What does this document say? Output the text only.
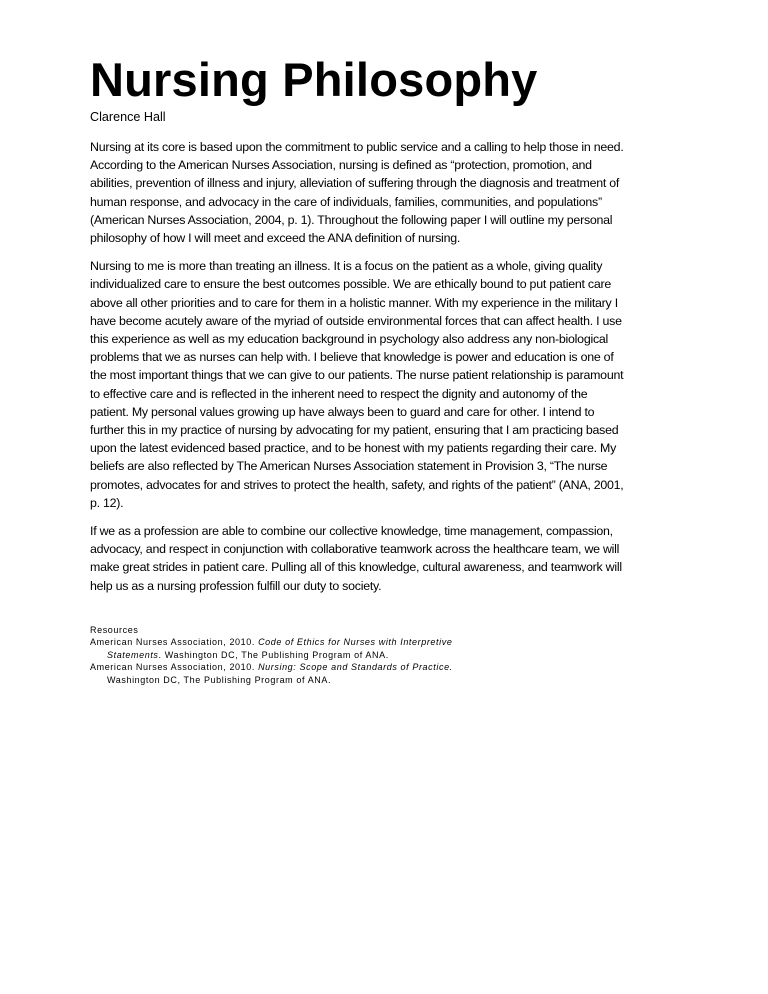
Nursing Philosophy
Clarence Hall

Nursing at its core is based upon the commitment to public service and a calling to help those in need.
According to the American Nurses Association, nursing is defined as “protection, promotion, and
abilities, prevention of illness and injury, alleviation of suffering through the diagnosis and treatment of
human response, and advocacy in the care of individuals, families, communities, and populations”
(American Nurses Association, 2004, p. 1). Throughout the following paper I will outline my personal
philosophy of how I will meet and exceed the ANA definition of nursing.

Nursing to me is more than treating an illness. It is a focus on the patient as a whole, giving quality
individualized care to ensure the best outcomes possible. We are ethically bound to put patient care
above all other priorities and to care for them in a holistic manner. With my experience in the military I
have become acutely aware of the myriad of outside environmental forces that can affect health. I use
this experience as well as my education background in psychology also address any non-biological
problems that we as nurses can help with. I believe that knowledge is power and education is one of
the most important things that we can give to our patients. The nurse patient relationship is paramount
to effective care and is reflected in the inherent need to respect the dignity and autonomy of the
patient. My personal values growing up have always been to guard and care for other. I intend to
further this in my practice of nursing by advocating for my patient, ensuring that I am practicing based
upon the latest evidenced based practice, and to be honest with my patients regarding their care. My
beliefs are also reflected by The American Nurses Association statement in Provision 3, “The nurse
promotes, advocates for and strives to protect the health, safety, and rights of the patient” (ANA, 2001,
p. 12).

If we as a profession are able to combine our collective knowledge, time management, compassion,
advocacy, and respect in conjunction with collaborative teamwork across the healthcare team, we will
make great strides in patient care. Pulling all of this knowledge, cultural awareness, and teamwork will
help us as a nursing profession fulfill our duty to society.

Resources
American Nurses Association, 2010. Code of Ethics for Nurses with Interpretive
Statements. Washington DC, The Publishing Program of ANA.
American Nurses Association, 2010. Nursing: Scope and Standards of Practice.
Washington DC, The Publishing Program of ANA.
